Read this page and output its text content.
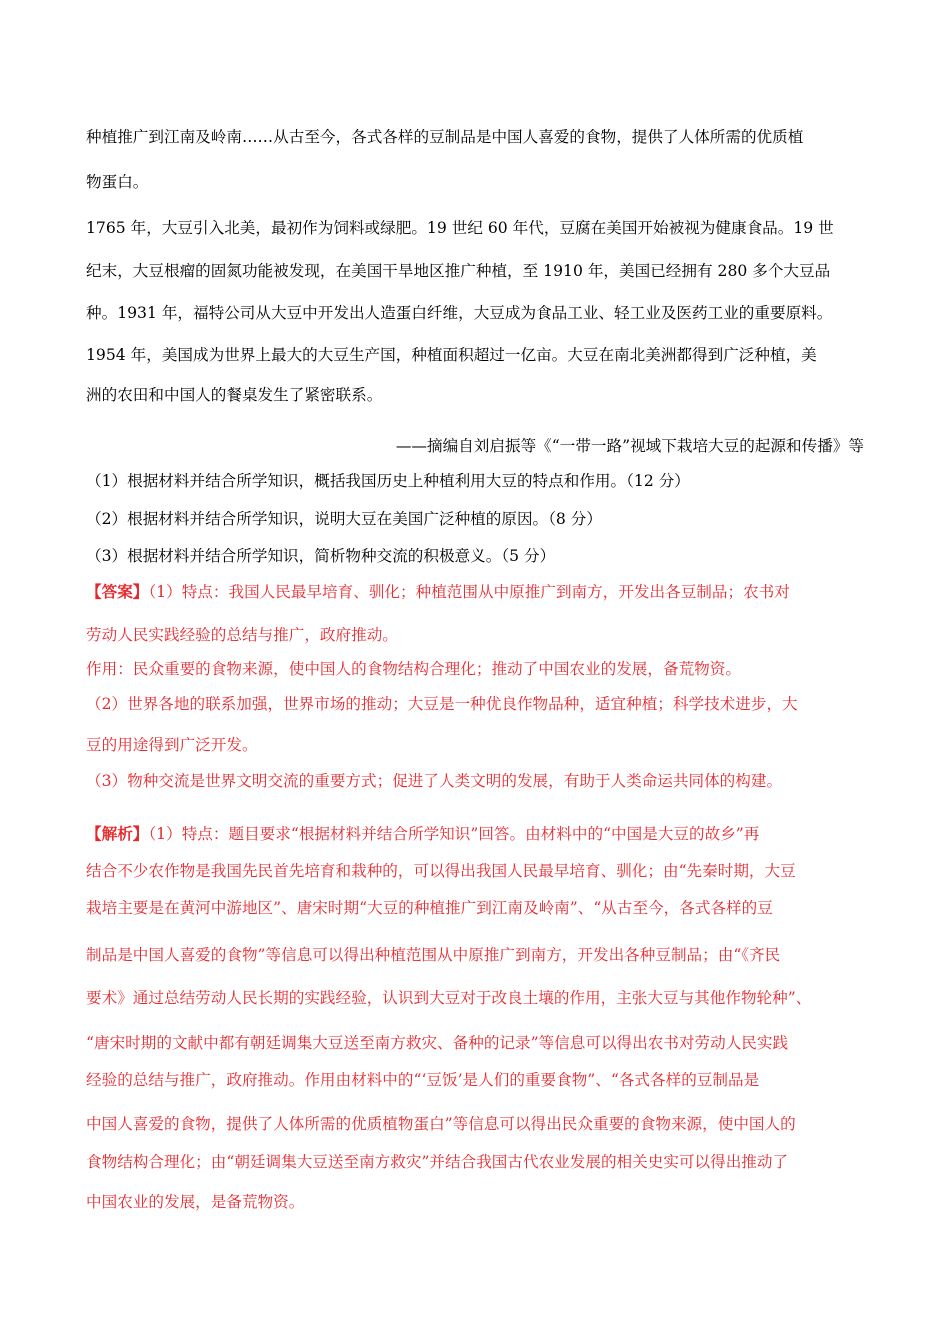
种植推广到江南及岭南……从古至今，各式各样的豆制品是中国人喜爱的食物，提供了人体所需的优质植
物蛋白。
1765 年，大豆引入北美，最初作为饲料或绿肥。19 世纪 60 年代，豆腐在美国开始被视为健康食品。19 世
纪末，大豆根瘤的固氮功能被发现，在美国干旱地区推广种植，至 1910 年，美国已经拥有 280 多个大豆品
种。1931 年，福特公司从大豆中开发出人造蛋白纤维，大豆成为食品工业、轻工业及医药工业的重要原料。
1954 年，美国成为世界上最大的大豆生产国，种植面积超过一亿亩。大豆在南北美洲都得到广泛种植，美
洲的农田和中国人的餐桌发生了紧密联系。
——摘编自刘启振等《“一带一路”视域下栽培大豆的起源和传播》等
（1）根据材料并结合所学知识，概括我国历史上种植利用大豆的特点和作用。（12 分）
（2）根据材料并结合所学知识，说明大豆在美国广泛种植的原因。（8 分）
（3）根据材料并结合所学知识，简析物种交流的积极意义。（5 分）
【答案】（1）特点：我国人民最早培育、驯化；种植范围从中原推广到南方，开发出各豆制品；农书对
劳动人民实践经验的总结与推广，政府推动。
作用：民众重要的食物来源，使中国人的食物结构合理化；推动了中国农业的发展，备荒物资。
（2）世界各地的联系加强，世界市场的推动；大豆是一种优良作物品种，适宜种植；科学技术进步，大
豆的用途得到广泛开发。
（3）物种交流是世界文明交流的重要方式；促进了人类文明的发展，有助于人类命运共同体的构建。
【解析】（1）特点：题目要求“根据材料并结合所学知识”回答。由材料中的“中国是大豆的故乡”再
结合不少农作物是我国先民首先培育和栽种的，可以得出我国人民最早培育、驯化；由“先秦时期，大豆
栽培主要是在黄河中游地区”、唐宋时期“大豆的种植推广到江南及岭南”、“从古至今，各式各样的豆
制品是中国人喜爱的食物”等信息可以得出种植范围从中原推广到南方，开发出各种豆制品；由“《齐民
要术》通过总结劳动人民长期的实践经验，认识到大豆对于改良土壤的作用，主张大豆与其他作物轮种”、
“唐宋时期的文献中都有朝廷调集大豆送至南方救灾、备种的记录”等信息可以得出农书对劳动人民实践
经验的总结与推广，政府推动。作用由材料中的“‘豆饭’是人们的重要食物”、“各式各样的豆制品是
中国人喜爱的食物，提供了人体所需的优质植物蛋白”等信息可以得出民众重要的食物来源，使中国人的
食物结构合理化；由“朝廷调集大豆送至南方救灾”并结合我国古代农业发展的相关史实可以得出推动了
中国农业的发展，是备荒物资。
